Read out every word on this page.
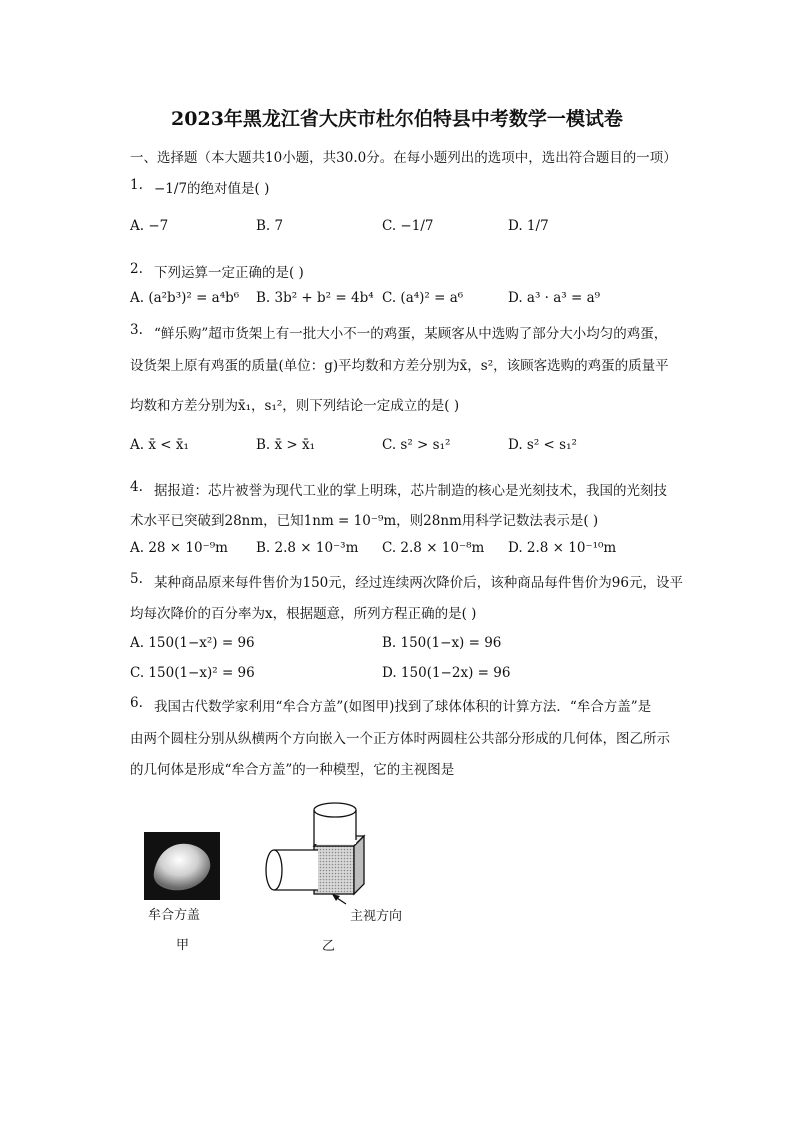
2023年黑龙江省大庆市杜尔伯特县中考数学一模试卷
一、选择题（本大题共10小题，共30.0分。在每小题列出的选项中，选出符合题目的一项）
1. −1/7的绝对值是( )
A. −7	B. 7	C. −1/7	D. 1/7
2. 下列运算一定正确的是( )
A. (a²b³)² = a⁴b⁶ B. 3b² + b² = 4b⁴ C. (a⁴)² = a⁶	D. a³ · a³ = a⁹
3. “鲜乐购”超市货架上有一批大小不一的鸡蛋，某顾客从中选购了部分大小均匀的鸡蛋，
设货架上原有鸡蛋的质量(单位：g)平均数和方差分别为x̄，s²，该顾客选购的鸡蛋的质量平
均数和方差分别为x̄₁，s₁²，则下列结论一定成立的是( )
A. x̄ < x̄₁	B. x̄ > x̄₁	C. s² > s₁²	D. s² < s₁²
4. 据报道：芯片被誉为现代工业的掌上明珠，芯片制造的核心是光刻技术，我国的光刻技
术水平已突破到28nm，已知1nm = 10⁻⁹m，则28nm用科学记数法表示是( )
A. 28 × 10⁻⁹m B. 2.8 × 10⁻³m C. 2.8 × 10⁻⁸m D. 2.8 × 10⁻¹⁰m
5. 某种商品原来每件售价为150元，经过连续两次降价后，该种商品每件售价为96元，设平
均每次降价的百分率为x，根据题意，所列方程正确的是( )
A. 150(1−x²) = 96	B. 150(1−x) = 96
C. 150(1−x)² = 96	D. 150(1−2x) = 96
6. 我国古代数学家利用“牟合方盖”(如图甲)找到了球体体积的计算方法．“牟合方盖”是
由两个圆柱分别从纵横两个方向嵌入一个正方体时两圆柱公共部分形成的几何体，图乙所示
的几何体是形成“牟合方盖”的一种模型，它的主视图是
牟合方盖
甲
主视方向
乙
